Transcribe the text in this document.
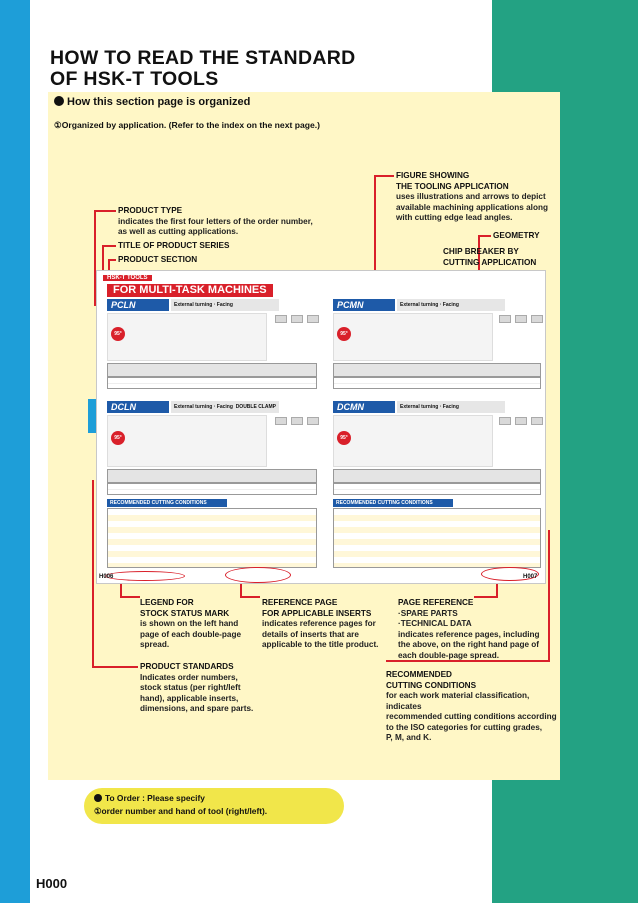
HOW TO READ THE STANDARD
OF HSK-T TOOLS
How this section page is organized
①Organized by application. (Refer to the index on the next page.)
FIGURE SHOWING
THE TOOLING APPLICATION
uses illustrations and arrows to depict
available machining applications along
with cutting edge lead angles.
PRODUCT TYPE
indicates the first four letters of the order number,
as well as cutting applications.
TITLE OF PRODUCT SERIES
PRODUCT SECTION
GEOMETRY
CHIP BREAKER BY
CUTTING APPLICATION
HSK-T TOOLS
FOR MULTI-TASK MACHINES
PCLN	External turning · Facing
95°
DCLN	External turning · Facing DOUBLE CLAMP
95°
RECOMMENDED CUTTING CONDITIONS
H006
PCMN	External turning · Facing
95°
DCMN	External turning · Facing
95°
RECOMMENDED CUTTING CONDITIONS
H007
LEGEND FOR
STOCK STATUS MARK
is shown on the left hand
page of each double-page
spread.
REFERENCE PAGE
FOR APPLICABLE INSERTS
indicates reference pages for
details of inserts that are
applicable to the title product.
PAGE REFERENCE
·SPARE PARTS
·TECHNICAL DATA
indicates reference pages, including
the above, on the right hand page of
each double-page spread.
PRODUCT STANDARDS
Indicates order numbers,
stock status (per right/left
hand), applicable inserts,
dimensions, and spare parts.
RECOMMENDED
CUTTING CONDITIONS
for each work material classification, indicates
recommended cutting conditions according
to the ISO categories for cutting grades,
P, M, and K.
To Order : Please specify
①order number and hand of tool (right/left).
H000
